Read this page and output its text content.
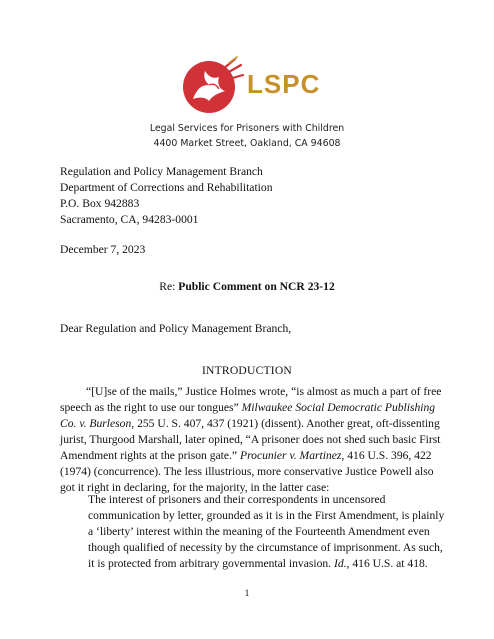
LSPC
Legal Services for Prisoners with Children
4400 Market Street, Oakland, CA 94608
Regulation and Policy Management Branch
Department of Corrections and Rehabilitation
P.O. Box 942883
Sacramento, CA, 94283-0001
December 7, 2023
Re: Public Comment on NCR 23-12
Dear Regulation and Policy Management Branch,
INTRODUCTION
“[U]se of the mails,” Justice Holmes wrote, “is almost as much a part of free
speech as the right to use our tongues” Milwaukee Social Democratic Publishing
Co. v. Burleson, 255 U. S. 407, 437 (1921) (dissent). Another great, oft-dissenting
jurist, Thurgood Marshall, later opined, “A prisoner does not shed such basic First
Amendment rights at the prison gate.” Procunier v. Martinez, 416 U.S. 396, 422
(1974) (concurrence). The less illustrious, more conservative Justice Powell also
got it right in declaring, for the majority, in the latter case:
The interest of prisoners and their correspondents in uncensored
communication by letter, grounded as it is in the First Amendment, is plainly
a ‘liberty’ interest within the meaning of the Fourteenth Amendment even
though qualified of necessity by the circumstance of imprisonment. As such,
it is protected from arbitrary governmental invasion. Id., 416 U.S. at 418.
1
